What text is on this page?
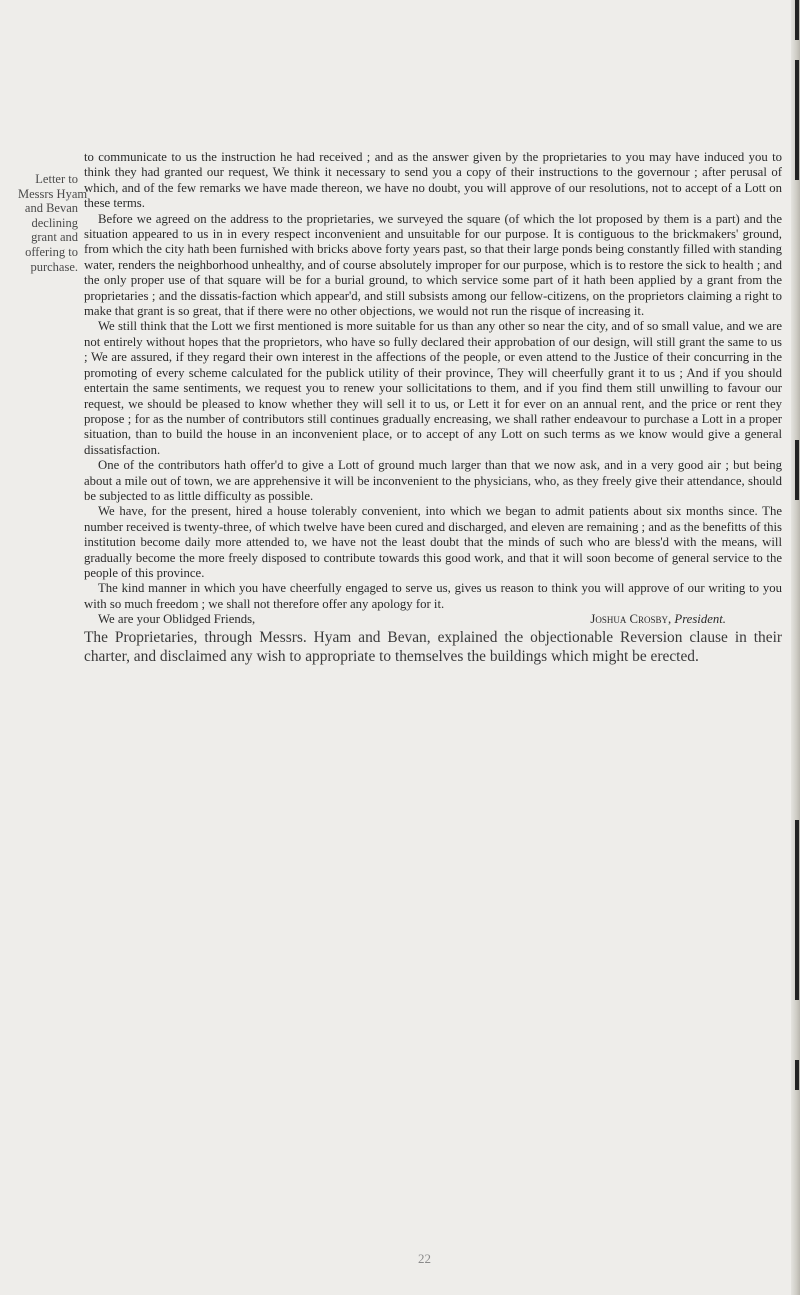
Letter to
Messrs Hyam
and Bevan
declining
grant and
offering to
purchase.

to communicate to us the instruction he had received ; and as the answer given by the proprietaries to you may have induced you to think they had granted our request, We think it necessary to send you a copy of their instructions to the governour ; after perusal of which, and of the few remarks we have made thereon, we have no doubt, you will approve of our resolutions, not to accept of a Lott on these terms.

Before we agreed on the address to the proprietaries, we surveyed the square (of which the lot proposed by them is a part) and the situation appeared to us in in every respect inconvenient and unsuitable for our purpose. It is contiguous to the brickmakers' ground, from which the city hath been furnished with bricks above forty years past, so that their large ponds being constantly filled with standing water, renders the neighborhood unhealthy, and of course absolutely improper for our purpose, which is to restore the sick to health ; and the only proper use of that square will be for a burial ground, to which service some part of it hath been applied by a grant from the proprietaries ; and the dissatis-faction which appear'd, and still subsists among our fellow-citizens, on the proprietors claiming a right to make that grant is so great, that if there were no other objections, we would not run the risque of increasing it.

We still think that the Lott we first mentioned is more suitable for us than any other so near the city, and of so small value, and we are not entirely without hopes that the proprietors, who have so fully declared their approbation of our design, will still grant the same to us ; We are assured, if they regard their own interest in the affections of the people, or even attend to the Justice of their concurring in the promoting of every scheme calculated for the publick utility of their province, They will cheerfully grant it to us ; And if you should entertain the same sentiments, we request you to renew your sollicitations to them, and if you find them still unwilling to favour our request, we should be pleased to know whether they will sell it to us, or Lett it for ever on an annual rent, and the price or rent they propose ; for as the number of contributors still continues gradually encreasing, we shall rather endeavour to purchase a Lott in a proper situation, than to build the house in an inconvenient place, or to accept of any Lott on such terms as we know would give a general dissatisfaction.

One of the contributors hath offer'd to give a Lott of ground much larger than that we now ask, and in a very good air ; but being about a mile out of town, we are apprehensive it will be inconvenient to the physicians, who, as they freely give their attendance, should be subjected to as little difficulty as possible.

We have, for the present, hired a house tolerably convenient, into which we began to admit patients about six months since. The number received is twenty-three, of which twelve have been cured and discharged, and eleven are remaining ; and as the benefitts of this institution become daily more attended to, we have not the least doubt that the minds of such who are bless'd with the means, will gradually become the more freely disposed to contribute towards this good work, and that it will soon become of general service to the people of this province.

The kind manner in which you have cheerfully engaged to serve us, gives us reason to think you will approve of our writing to you with so much freedom ; we shall not therefore offer any apology for it.

We are your Oblidged Friends,	Joshua Crosby, President.

The Proprietaries, through Messrs. Hyam and Bevan, explained the objectionable Reversion clause in their charter, and disclaimed any wish to appropriate to themselves the buildings which might be erected.

22
